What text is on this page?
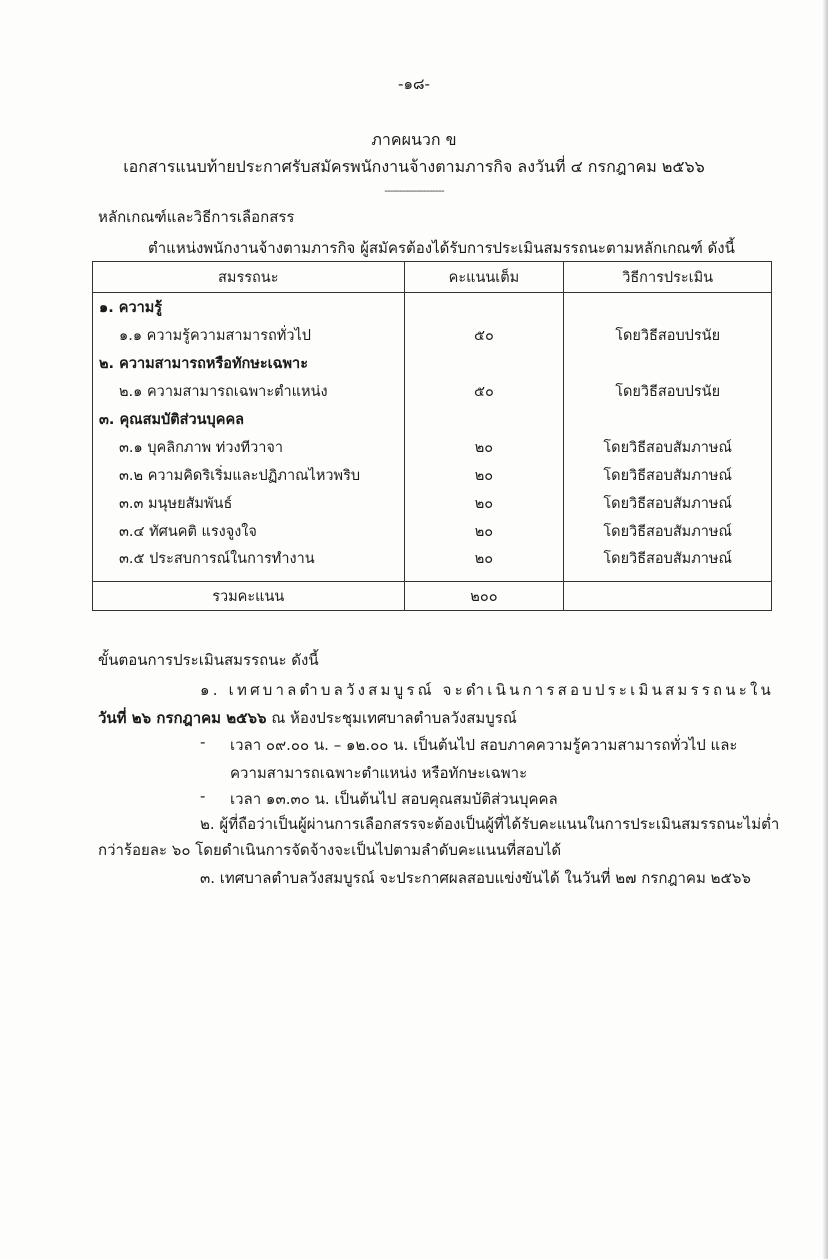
-๑๘-
ภาคผนวก ข
เอกสารแนบท้ายประกาศรับสมัครพนักงานจ้างตามภารกิจ ลงวันที่ ๔ กรกฎาคม ๒๕๖๖
--------------------
หลักเกณฑ์และวิธีการเลือกสรร
ตำแหน่งพนักงานจ้างตามภารกิจ ผู้สมัครต้องได้รับการประเมินสมรรถนะตามหลักเกณฑ์ ดังนี้
สมรรถนะ	คะแนนเต็ม	วิธีการประเมิน
๑. ความรู้		
๑.๑ ความรู้ความสามารถทั่วไป	๕๐	โดยวิธีสอบปรนัย
๒. ความสามารถหรือทักษะเฉพาะ		
๒.๑ ความสามารถเฉพาะตำแหน่ง	๕๐	โดยวิธีสอบปรนัย
๓. คุณสมบัติส่วนบุคคล		
๓.๑ บุคลิกภาพ ท่วงทีวาจา	๒๐	โดยวิธีสอบสัมภาษณ์
๓.๒ ความคิดริเริ่มและปฏิภาณไหวพริบ	๒๐	โดยวิธีสอบสัมภาษณ์
๓.๓ มนุษยสัมพันธ์	๒๐	โดยวิธีสอบสัมภาษณ์
๓.๔ ทัศนคติ แรงจูงใจ	๒๐	โดยวิธีสอบสัมภาษณ์
๓.๕ ประสบการณ์ในการทำงาน	๒๐	โดยวิธีสอบสัมภาษณ์
รวมคะแนน	๒๐๐	
ขั้นตอนการประเมินสมรรถนะ ดังนี้
๑. เทศบาลตำบลวังสมบูรณ์ จะดำเนินการสอบประเมินสมรรถนะใน
วันที่ ๒๖ กรกฎาคม ๒๕๖๖ ณ ห้องประชุมเทศบาลตำบลวังสมบูรณ์
- เวลา ๐๙.๐๐ น. – ๑๒.๐๐ น. เป็นต้นไป สอบภาคความรู้ความสามารถทั่วไป และ
ความสามารถเฉพาะตำแหน่ง หรือทักษะเฉพาะ
- เวลา ๑๓.๓๐ น. เป็นต้นไป สอบคุณสมบัติส่วนบุคคล
๒. ผู้ที่ถือว่าเป็นผู้ผ่านการเลือกสรรจะต้องเป็นผู้ที่ได้รับคะแนนในการประเมินสมรรถนะไม่ต่ำ
กว่าร้อยละ ๖๐ โดยดำเนินการจัดจ้างจะเป็นไปตามลำดับคะแนนที่สอบได้
๓. เทศบาลตำบลวังสมบูรณ์ จะประกาศผลสอบแข่งขันได้ ในวันที่ ๒๗ กรกฎาคม ๒๕๖๖
